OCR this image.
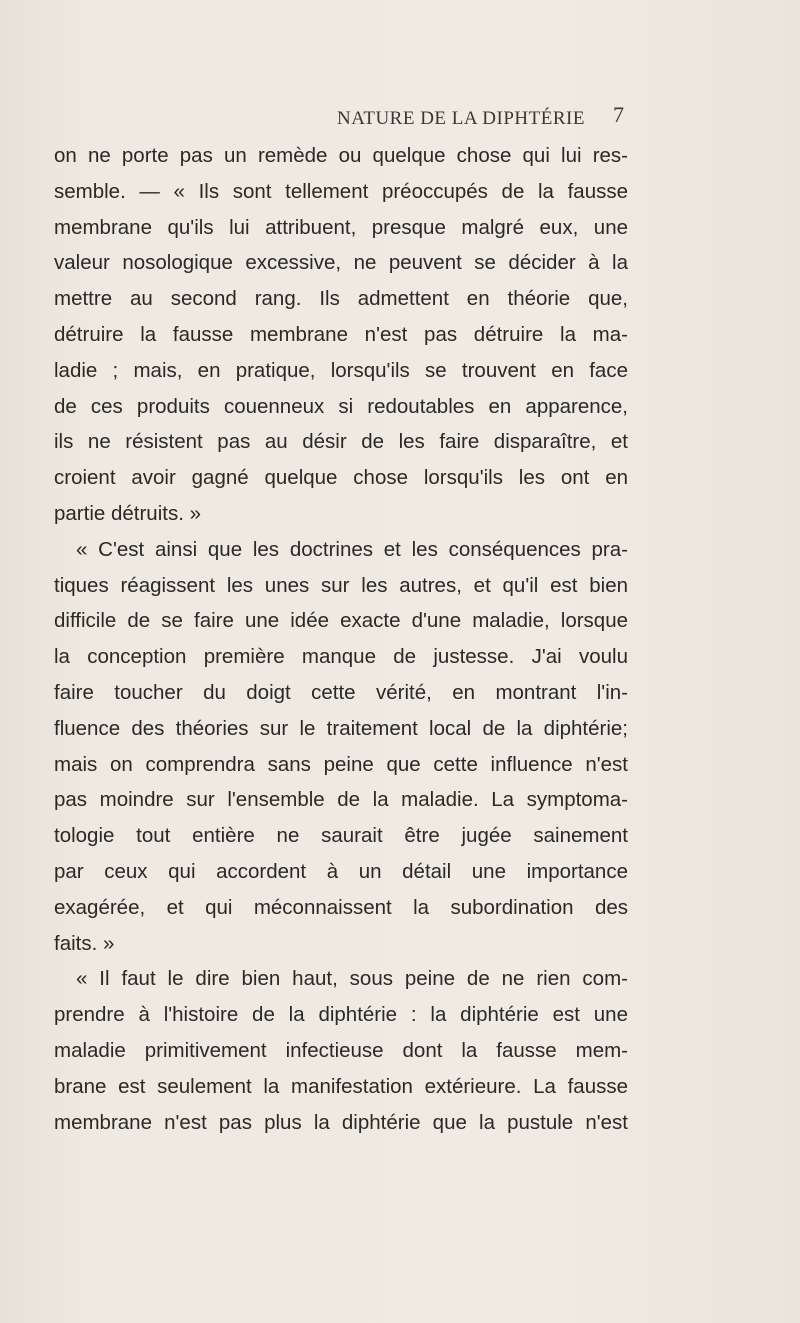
NATURE DE LA DIPHTÉRIE 7
on ne porte pas un remède ou quelque chose qui lui res-
semble. — « Ils sont tellement préoccupés de la fausse
membrane qu'ils lui attribuent, presque malgré eux, une
valeur nosologique excessive, ne peuvent se décider à la
mettre au second rang. Ils admettent en théorie que,
détruire la fausse membrane n'est pas détruire la ma-
ladie ; mais, en pratique, lorsqu'ils se trouvent en face
de ces produits couenneux si redoutables en apparence,
ils ne résistent pas au désir de les faire disparaître, et
croient avoir gagné quelque chose lorsqu'ils les ont en
partie détruits. »
« C'est ainsi que les doctrines et les conséquences pra-
tiques réagissent les unes sur les autres, et qu'il est bien
difficile de se faire une idée exacte d'une maladie, lorsque
la conception première manque de justesse. J'ai voulu
faire toucher du doigt cette vérité, en montrant l'in-
fluence des théories sur le traitement local de la diphtérie;
mais on comprendra sans peine que cette influence n'est
pas moindre sur l'ensemble de la maladie. La symptoma-
tologie tout entière ne saurait être jugée sainement
par ceux qui accordent à un détail une importance
exagérée, et qui méconnaissent la subordination des
faits. »
« Il faut le dire bien haut, sous peine de ne rien com-
prendre à l'histoire de la diphtérie : la diphtérie est une
maladie primitivement infectieuse dont la fausse mem-
brane est seulement la manifestation extérieure. La fausse
membrane n'est pas plus la diphtérie que la pustule n'est
